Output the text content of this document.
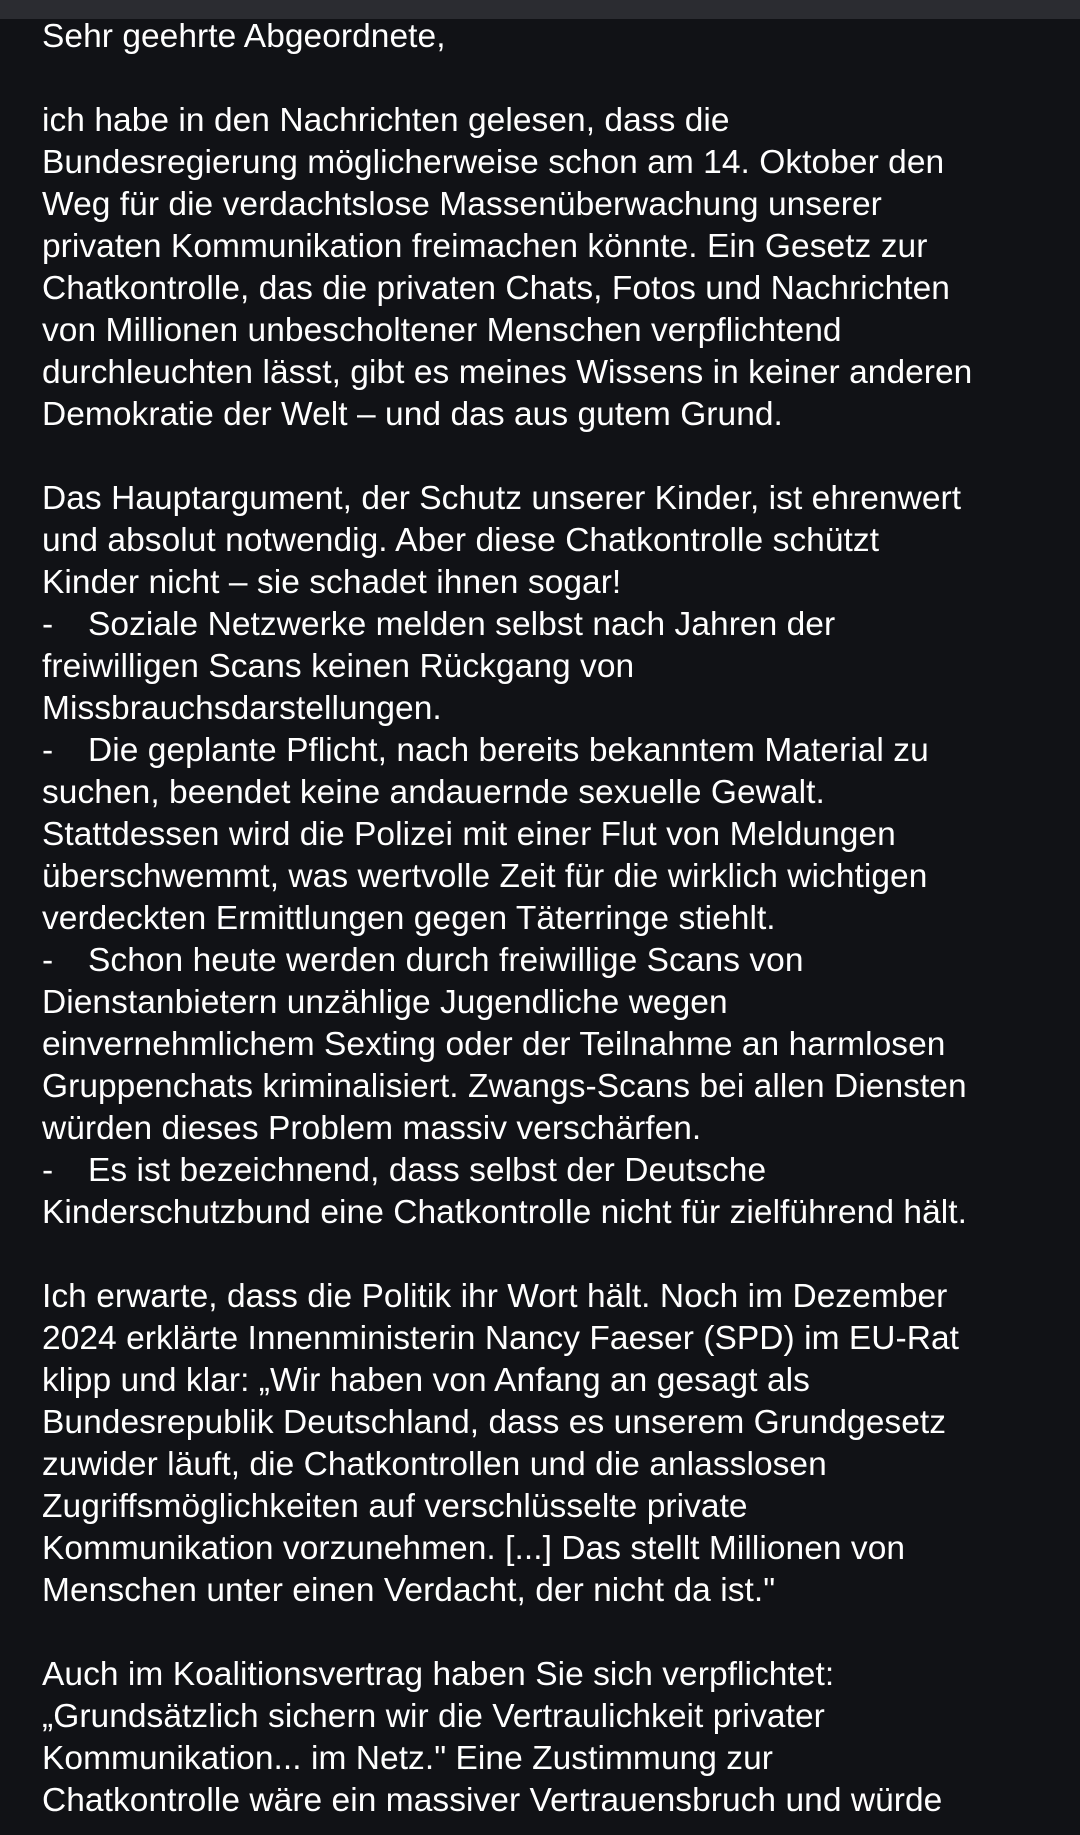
Sehr geehrte Abgeordnete,
ich habe in den Nachrichten gelesen, dass die
Bundesregierung möglicherweise schon am 14. Oktober den
Weg für die verdachtslose Massenüberwachung unserer
privaten Kommunikation freimachen könnte. Ein Gesetz zur
Chatkontrolle, das die privaten Chats, Fotos und Nachrichten
von Millionen unbescholtener Menschen verpflichtend
durchleuchten lässt, gibt es meines Wissens in keiner anderen
Demokratie der Welt – und das aus gutem Grund.
Das Hauptargument, der Schutz unserer Kinder, ist ehrenwert
und absolut notwendig. Aber diese Chatkontrolle schützt
Kinder nicht – sie schadet ihnen sogar!
- Soziale Netzwerke melden selbst nach Jahren der
freiwilligen Scans keinen Rückgang von
Missbrauchsdarstellungen.
- Die geplante Pflicht, nach bereits bekanntem Material zu
suchen, beendet keine andauernde sexuelle Gewalt.
Stattdessen wird die Polizei mit einer Flut von Meldungen
überschwemmt, was wertvolle Zeit für die wirklich wichtigen
verdeckten Ermittlungen gegen Täterringe stiehlt.
- Schon heute werden durch freiwillige Scans von
Dienstanbietern unzählige Jugendliche wegen
einvernehmlichem Sexting oder der Teilnahme an harmlosen
Gruppenchats kriminalisiert. Zwangs-Scans bei allen Diensten
würden dieses Problem massiv verschärfen.
- Es ist bezeichnend, dass selbst der Deutsche
Kinderschutzbund eine Chatkontrolle nicht für zielführend hält.
Ich erwarte, dass die Politik ihr Wort hält. Noch im Dezember
2024 erklärte Innenministerin Nancy Faeser (SPD) im EU-Rat
klipp und klar: „Wir haben von Anfang an gesagt als
Bundesrepublik Deutschland, dass es unserem Grundgesetz
zuwider läuft, die Chatkontrollen und die anlasslosen
Zugriffsmöglichkeiten auf verschlüsselte private
Kommunikation vorzunehmen. [...] Das stellt Millionen von
Menschen unter einen Verdacht, der nicht da ist."
Auch im Koalitionsvertrag haben Sie sich verpflichtet:
„Grundsätzlich sichern wir die Vertraulichkeit privater
Kommunikation... im Netz." Eine Zustimmung zur
Chatkontrolle wäre ein massiver Vertrauensbruch und würde
